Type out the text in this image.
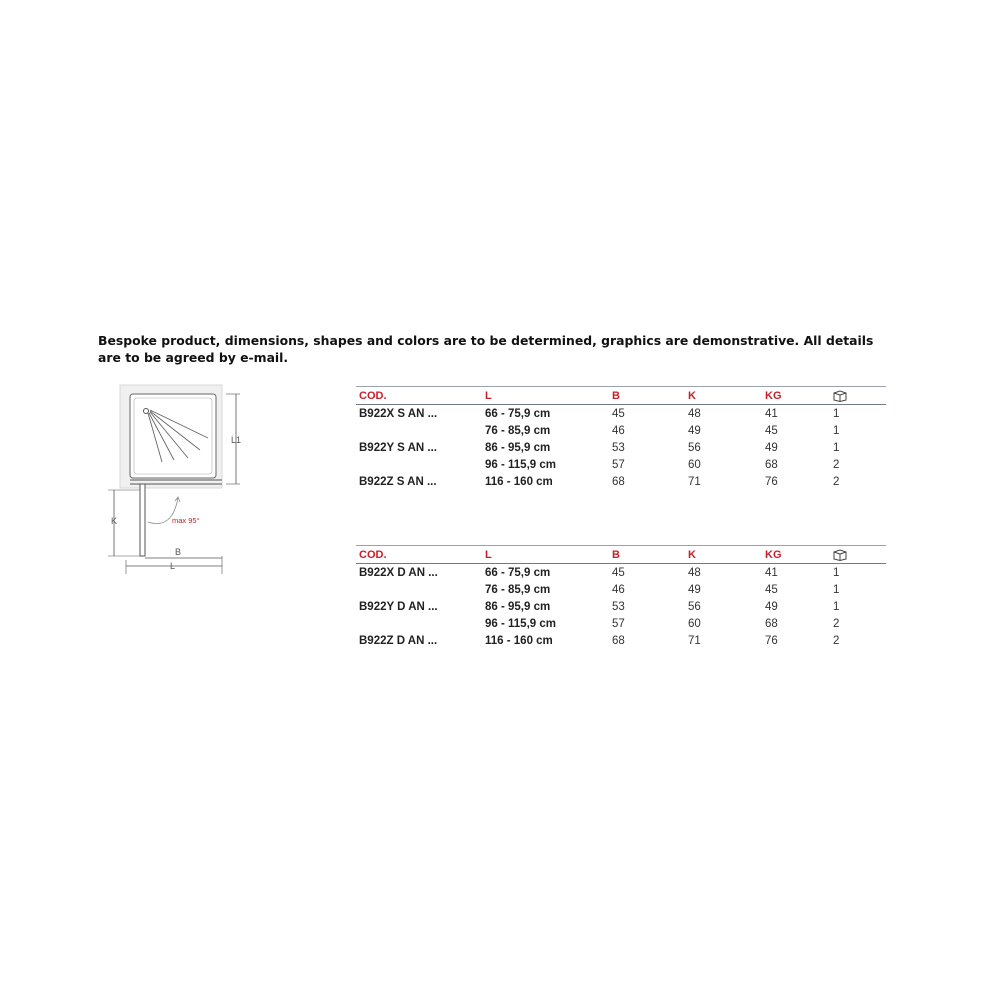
Bespoke product, dimensions, shapes and colors are to be determined, graphics are demonstrative. All details
are to be agreed by e-mail.
L1
max 95°
K
B
L
COD.	L	B	K	KG	
B922X S AN ...	66 - 75,9 cm	45	48	41	1
	76 - 85,9 cm	46	49	45	1
B922Y S AN ...	86 - 95,9 cm	53	56	49	1
	96 - 115,9 cm	57	60	68	2
B922Z S AN ...	116 - 160 cm	68	71	76	2
COD.	L	B	K	KG	
B922X D AN ...	66 - 75,9 cm	45	48	41	1
	76 - 85,9 cm	46	49	45	1
B922Y D AN ...	86 - 95,9 cm	53	56	49	1
	96 - 115,9 cm	57	60	68	2
B922Z D AN ...	116 - 160 cm	68	71	76	2
